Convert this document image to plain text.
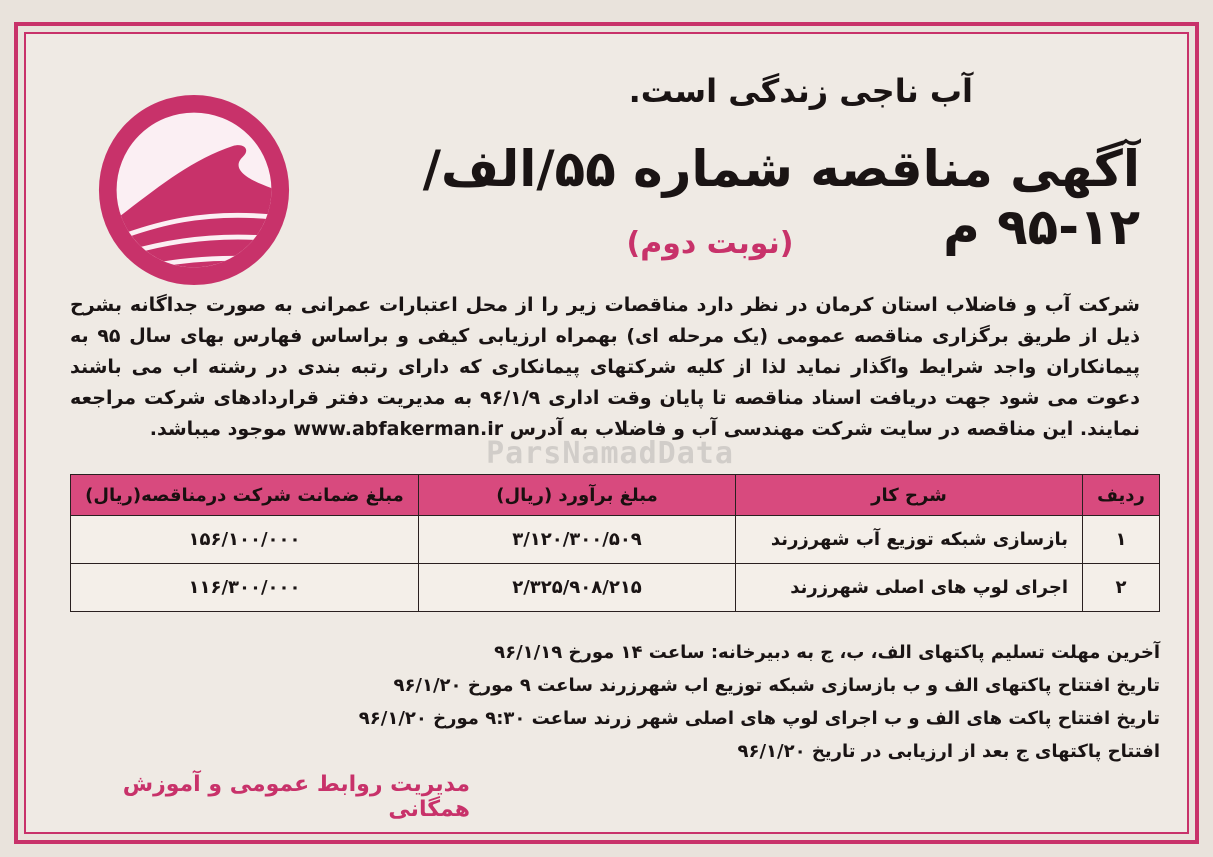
آب ناجی زندگی است.
آگهی مناقصه شماره ۵۵/الف/۱۲-۹۵ م
(نوبت دوم)

شرکت آب و فاضلاب استان کرمان در نظر دارد مناقصات زیر را از محل اعتبارات عمرانی به صورت جداگانه بشرح ذیل از طریق برگزاری مناقصه عمومی (یک مرحله ای) بهمراه ارزیابی کیفی و براساس فهارس بهای سال ۹۵ به پیمانکاران واجد شرایط واگذار نماید لذا از کلیه شرکتهای پیمانکاری که دارای رتبه بندی در رشته اب می باشند دعوت می شود جهت دریافت اسناد مناقصه تا پایان وقت اداری ۹۶/۱/۹ به مدیریت دفتر قراردادهای شرکت مراجعه نمایند. این مناقصه در سایت شرکت مهندسی آب و فاضلاب به آدرس www.abfakerman.ir موجود میباشد.

ParsNamadData
ردیف	شرح کار	مبلغ برآورد (ریال)	مبلغ ضمانت شرکت درمناقصه(ریال)
۱	بازسازی شبکه توزیع آب شهرزرند	۳/۱۲۰/۳۰۰/۵۰۹	۱۵۶/۱۰۰/۰۰۰
۲	اجرای لوپ های اصلی شهرزرند	۲/۳۲۵/۹۰۸/۲۱۵	۱۱۶/۳۰۰/۰۰۰

آخرین مهلت تسلیم پاکتهای الف، ب، ج به دبیرخانه: ساعت ۱۴ مورخ ۹۶/۱/۱۹

تاریخ افتتاح پاکتهای الف و ب بازسازی شبکه توزیع اب شهرزرند ساعت ۹ مورخ ۹۶/۱/۲۰

تاریخ افتتاح پاکت های الف و ب اجرای لوپ های اصلی شهر زرند ساعت ۹:۳۰ مورخ ۹۶/۱/۲۰

افتتاح پاکتهای ج بعد از ارزیابی در تاریخ ۹۶/۱/۲۰

مدیریت روابط عمومی و آموزش همگانی
